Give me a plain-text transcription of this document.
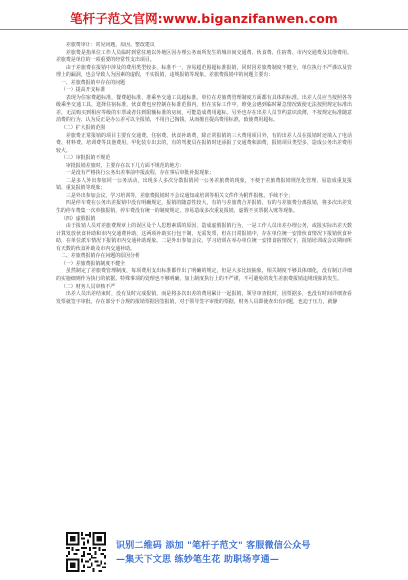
笔杆子范文官网:www.biganzifanwen.com

差旅费审计：常见问题、原因、整改建议

差旅费是指单位工作人员临时到常驻地以外地区因办理公务而所发生的城市间交通费、伙食费、住宿费、市内交通费及其他费用。差旅费是单位的一项重要的经常性支出项目。

由于差旅费在报销中涉及的费用类型较多，标准不一，容易超范围超标准报销，同时因差旅费制度不健全，单位执行不严谨以及管理上的漏洞，也会导致人为因素的虚假，不实报销，违规报销等现象。差旅费报销中的问题主要有：

一、差旅费报销中存在的问题

（一）提高开支标准

表现为住宿费超标准、餐费超标准、准乘坐交通工具超标准。单位在差旅费管理制度方面都有具体的标准。出差人员应当按照各等级乘坐交通工具，选择住宿标准，伙食费也应控制在标准范围内。但在实际工作中，堆免会遇到临时紧急情况致使无法按照规定标准出差，无法购买到相应等级的车票或者住到限额标准的房间，可能造成费用超标。另外也存在出差人员节约意识淡薄，不按规定标准随意消费的行为，认为反正是办公差可以全报销，不用自己掏钱，从而擅自提高费用标准，致使费用超标。

（二）扩大报销范围

差旅费正常报销的项目主要有交通费、住宿费、伙食补助费，除正常报销的三大费用项目外，有的出差人员在报销时还填入了电话费、材料费、培训费等其他费用，甲化装车出去的，有的驾驶员在报销时还添报了交通费和油费，报销项目类型多，造成公务出差费用较大。

（三）审批报销不规范

审批报销差旅时，主要存在以下几方面不规范的地方：

一是没有严格执行公务出差事前申报流程，存在事后审批补报现象；

二是多人外出参加同一公务活动，出现多人多次分散报销同一公务差旅费的现象，不便于差旅费报销规范化管理，易造成重复报销、重复报销等现象；

三是外出参加会议、学习培训等，差旅费报销时不会议通知或培训等相关文件作为附件报帐，手续不全；

四是停车费在公务出差报销中没有明确规定，报销的随意性较大，有的与差旅费合并报销，有的与差旅费分离报销，将多次出差发生的停车费集一次单独报销，停车费没有统一的制度规定，容易造成多次重复报销，虚假不实票据入账等现象。

（四）虚假报销

由于报销人员对差旅费规章上的误区及个人思想素质的原因，造成虚假报销行为，一是工作人员出差办理公务，或报实际出差天数计算发放伙食补助和市内交通费补助，这两项补助实行包干制，无需发票，但在日常报销中，存在单位统一安排伙食情况下报销伙食补助，在单位派车情况下报销市内交通补助现象。二是外出参加会议、学习培训在举办单位统一安排食宿情况下，报销培训或会议期间所有天数的伙食补助及市内交通补助。

二、差旅费报销存在问题的原因分析

（一）差旅费报销制度不健全

虽然制定了差旅费管理制度，每项费用支出标准都作出了明确的规定，但是大多比较抽象，相关制度不够具体细化，没有制订详细的实施细则作为执行的依据。特殊事项的处理也不够明确，加上制度执行上的不严谨，不可避免的发生差旅费报销违规现象的发生。

（二）财务人员审核不严

出差人员出差结束时，没有及时完成报销，而是将多次出差的费用累计一起报销，领导审查批时，因票据多，也没有时间详细查看发票就签字审批，存在部分不合规的报销票据因签报销，对于领导签字审批的票据，财务人员即使查出有问题，也迫于压力，就静

识别二维码 添加 "笔杆子范文" 客服微信公众号
—集天下文思 练妙笔生花 助职场亨通—
